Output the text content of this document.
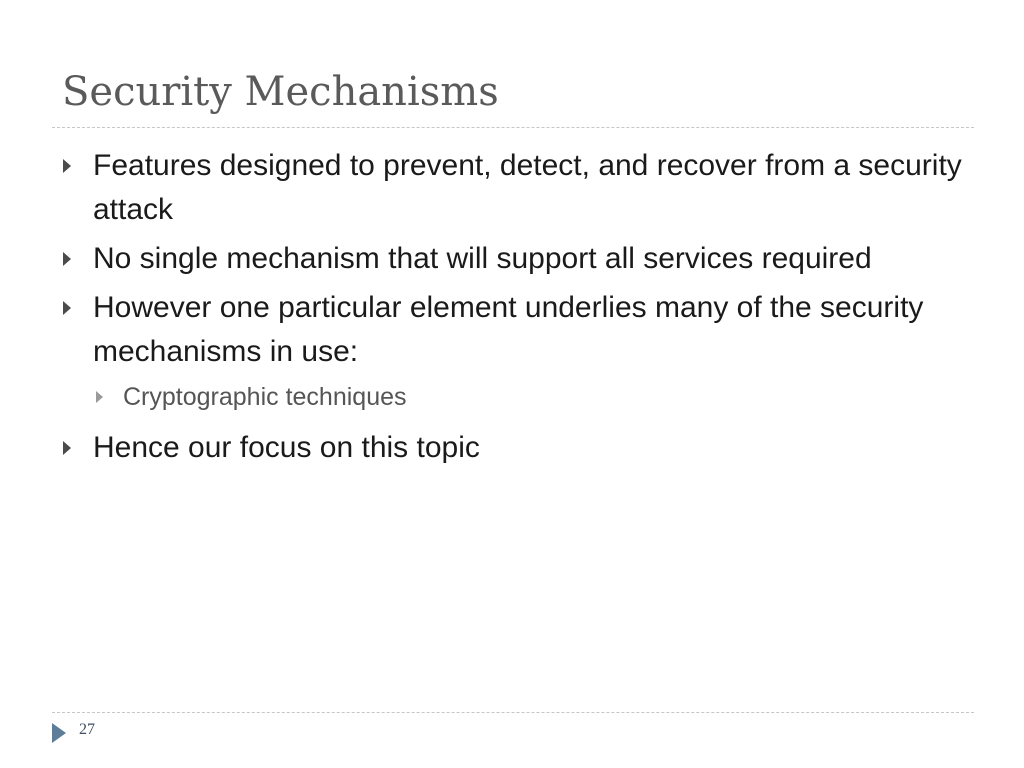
Security Mechanisms
Features designed to prevent, detect, and recover from a security attack
No single mechanism that will support all services required
However one particular element underlies many of the security mechanisms in use:
Cryptographic techniques
Hence our focus on this topic
27
